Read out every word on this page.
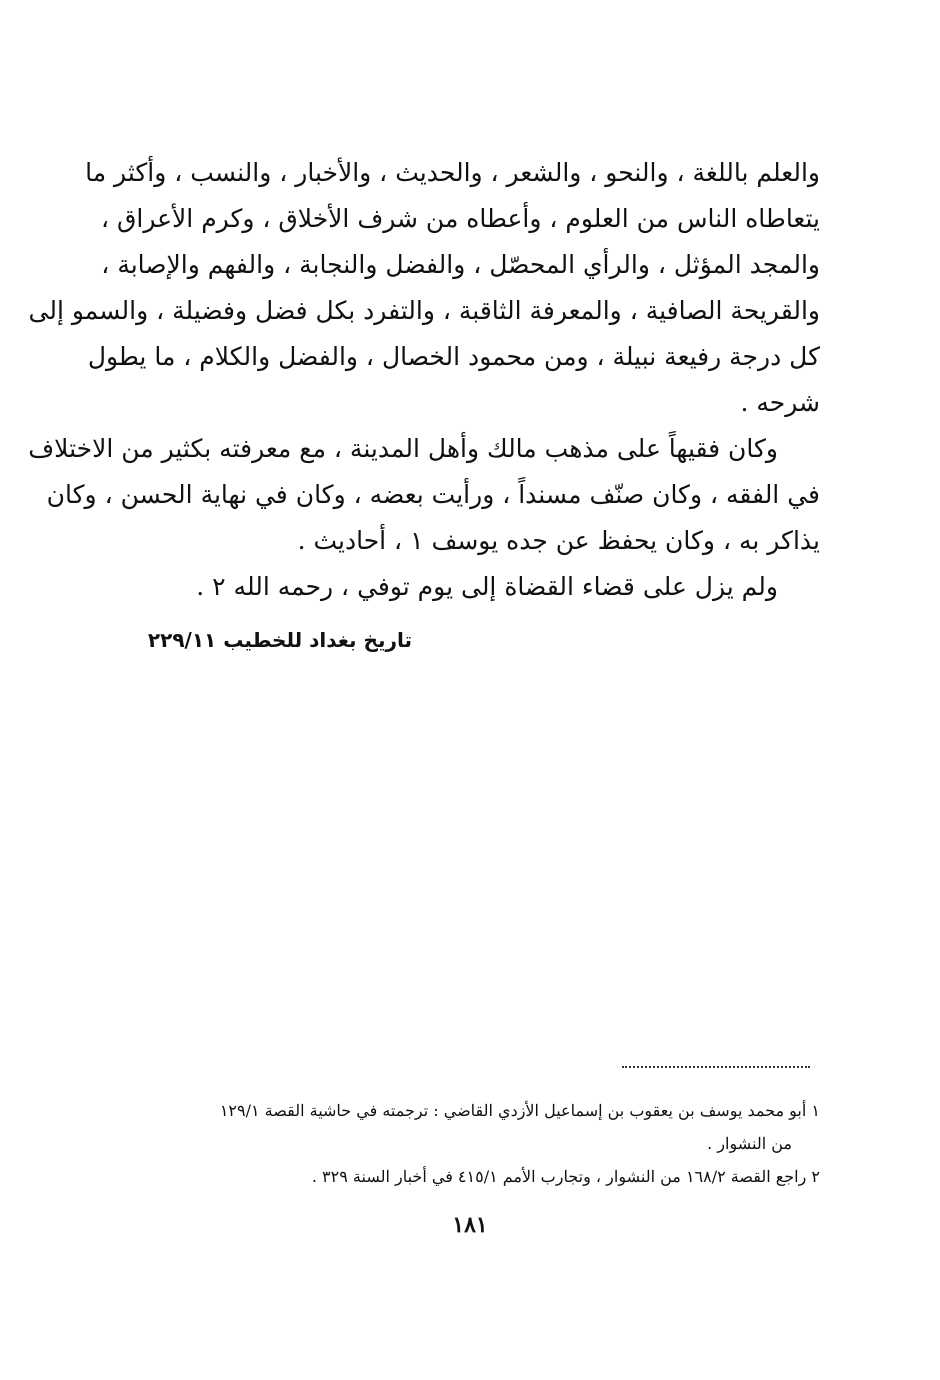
والعلم باللغة ، والنحو ، والشعر ، والحديث ، والأخبار ، والنسب ، وأكثر ما
يتعاطاه الناس من العلوم ، وأعطاه من شرف الأخلاق ، وكرم الأعراق ،
والمجد المؤثل ، والرأي المحصّل ، والفضل والنجابة ، والفهم والإصابة ،
والقريحة الصافية ، والمعرفة الثاقبة ، والتفرد بكل فضل وفضيلة ، والسمو إلى
كل درجة رفيعة نبيلة ، ومن محمود الخصال ، والفضل والكلام ، ما يطول
شرحه .
وكان فقيهاً على مذهب مالك وأهل المدينة ، مع معرفته بكثير من الاختلاف
في الفقه ، وكان صنّف مسنداً ، ورأيت بعضه ، وكان في نهاية الحسن ، وكان
يذاكر به ، وكان يحفظ عن جده يوسف ١ ، أحاديث .
ولم يزل على قضاء القضاة إلى يوم توفي ، رحمه الله ٢ .
تاريخ بغداد للخطيب ٢٢٩/١١
١ أبو محمد يوسف بن يعقوب بن إسماعيل الأزدي القاضي : ترجمته في حاشية القصة ١٢٩/١
من النشوار .
٢ راجع القصة ١٦٨/٢ من النشوار ، وتجارب الأمم ٤١٥/١ في أخبار السنة ٣٢٩ .
١٨١
